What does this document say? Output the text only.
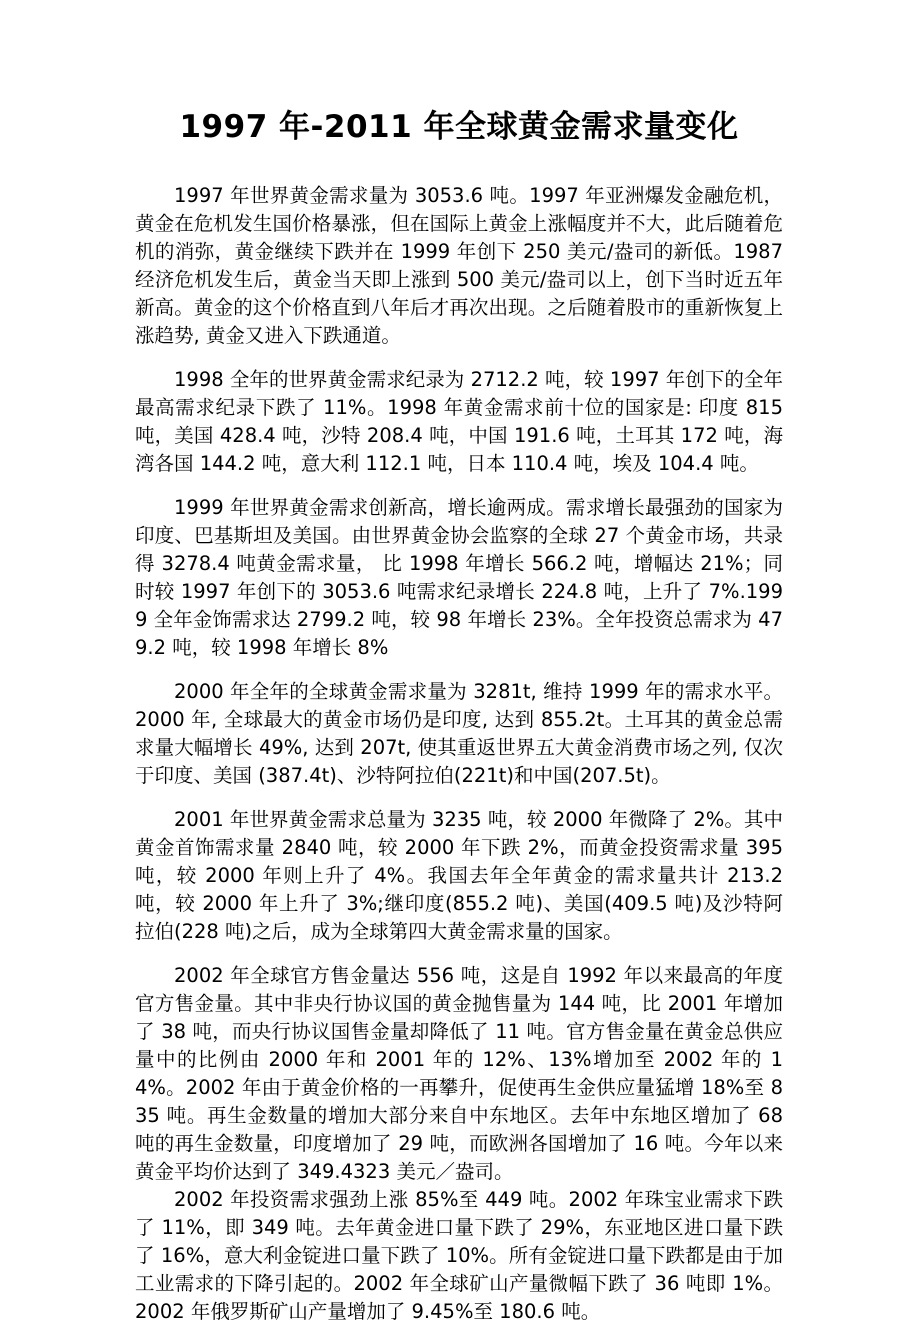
1997 年-2011 年全球黄金需求量变化

1997 年世界黄金需求量为 3053.6 吨。1997 年亚洲爆发金融危机，黄金在危机发生国价格暴涨，但在国际上黄金上涨幅度并不大，此后随着危机的消弥，黄金继续下跌并在 1999 年创下 250 美元/盎司的新低。1987 经济危机发生后，黄金当天即上涨到 500 美元/盎司以上，创下当时近五年新高。黄金的这个价格直到八年后才再次出现。之后随着股市的重新恢复上涨趋势, 黄金又进入下跌通道。

1998 全年的世界黄金需求纪录为 2712.2 吨，较 1997 年创下的全年最高需求纪录下跌了 11%。1998 年黄金需求前十位的国家是: 印度 815 吨，美国 428.4 吨，沙特 208.4 吨，中国 191.6 吨，土耳其 172 吨，海湾各国 144.2 吨，意大利 112.1 吨，日本 110.4 吨，埃及 104.4 吨。

1999 年世界黄金需求创新高，增长逾两成。需求增长最强劲的国家为印度、巴基斯坦及美国。由世界黄金协会监察的全球 27 个黄金市场，共录得 3278.4 吨黄金需求量， 比 1998 年增长 566.2 吨，增幅达 21%；同时较 1997 年创下的 3053.6 吨需求纪录增长 224.8 吨，上升了 7%.1999 全年金饰需求达 2799.2 吨，较 98 年增长 23%。全年投资总需求为 479.2 吨，较 1998 年增长 8%

2000 年全年的全球黄金需求量为 3281t, 维持 1999 年的需求水平。2000 年, 全球最大的黄金市场仍是印度, 达到 855.2t。土耳其的黄金总需求量大幅增长 49%, 达到 207t, 使其重返世界五大黄金消费市场之列, 仅次于印度、美国 (387.4t)、沙特阿拉伯(221t)和中国(207.5t)。

2001 年世界黄金需求总量为 3235 吨，较 2000 年微降了 2%。其中黄金首饰需求量 2840 吨，较 2000 年下跌 2%，而黄金投资需求量 395 吨，较 2000 年则上升了 4%。我国去年全年黄金的需求量共计 213.2 吨，较 2000 年上升了 3%;继印度(855.2 吨)、美国(409.5 吨)及沙特阿拉伯(228 吨)之后，成为全球第四大黄金需求量的国家。

2002 年全球官方售金量达 556 吨，这是自 1992 年以来最高的年度官方售金量。其中非央行协议国的黄金抛售量为 144 吨，比 2001 年增加了 38 吨，而央行协议国售金量却降低了 11 吨。官方售金量在黄金总供应量中的比例由 2000 年和 2001 年的 12%、13%增加至 2002 年的 14%。2002 年由于黄金价格的一再攀升，促使再生金供应量猛增 18%至 835 吨。再生金数量的增加大部分来自中东地区。去年中东地区增加了 68 吨的再生金数量，印度增加了 29 吨，而欧洲各国增加了 16 吨。今年以来黄金平均价达到了 349.4323 美元／盎司。

2002 年投资需求强劲上涨 85%至 449 吨。2002 年珠宝业需求下跌了 11%，即 349 吨。去年黄金进口量下跌了 29%，东亚地区进口量下跌了 16%，意大利金锭进口量下跌了 10%。所有金锭进口量下跌都是由于加工业需求的下降引起的。2002 年全球矿山产量微幅下跌了 36 吨即 1%。2002 年俄罗斯矿山产量增加了 9.45%至 180.6 吨。
